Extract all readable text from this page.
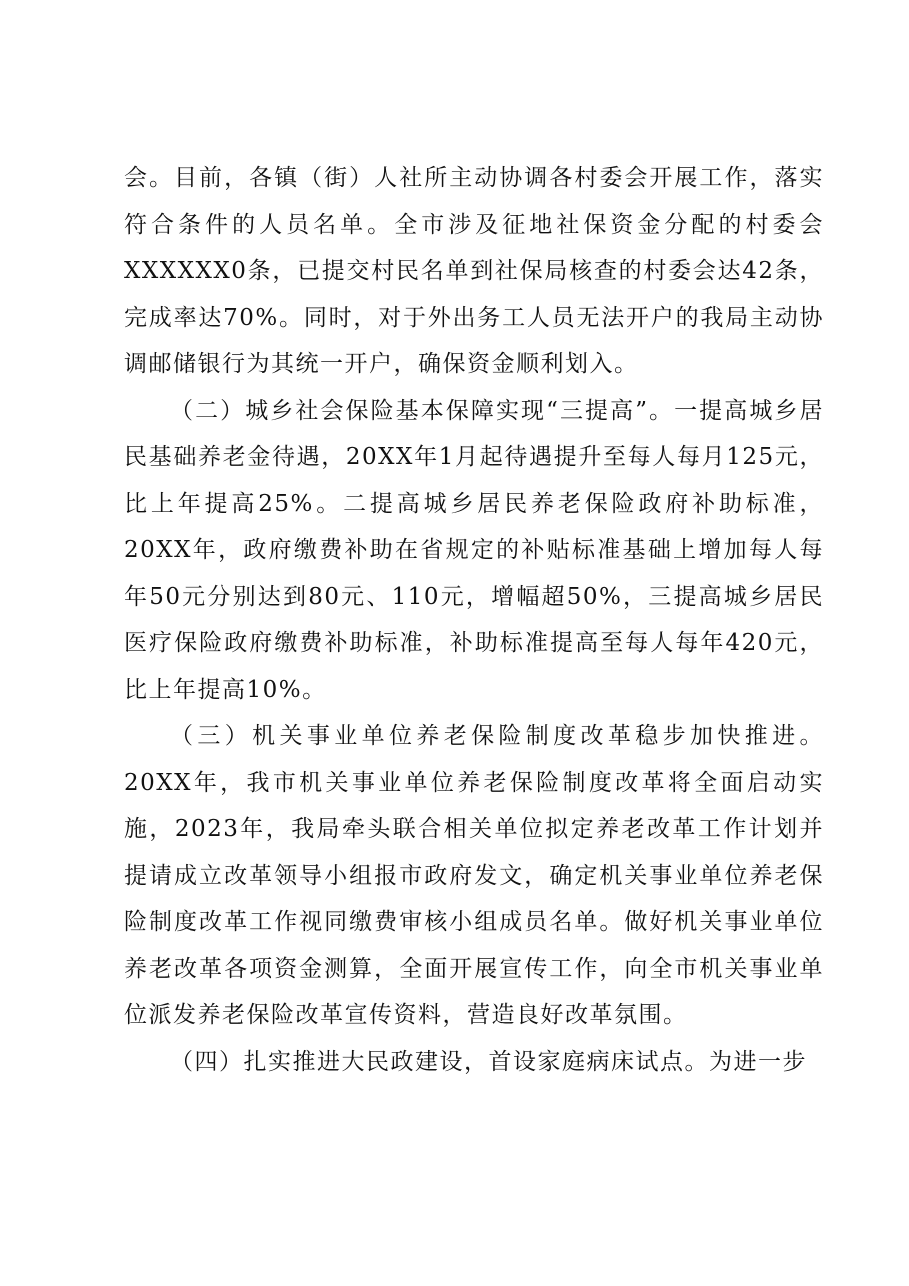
会。目前，各镇（街）人社所主动协调各村委会开展工作，落实符合条件的人员名单。全市涉及征地社保资金分配的村委会XXXXXX0条，已提交村民名单到社保局核查的村委会达42条，完成率达70%。同时，对于外出务工人员无法开户的我局主动协调邮储银行为其统一开户，确保资金顺利划入。

（二）城乡社会保险基本保障实现“三提高”。一提高城乡居民基础养老金待遇，20XX年1月起待遇提升至每人每月125元，比上年提高25%。二提高城乡居民养老保险政府补助标准，20XX年，政府缴费补助在省规定的补贴标准基础上增加每人每年50元分别达到80元、110元，增幅超50%，三提高城乡居民医疗保险政府缴费补助标准，补助标准提高至每人每年420元，比上年提高10%。

（三）机关事业单位养老保险制度改革稳步加快推进。20XX年，我市机关事业单位养老保险制度改革将全面启动实施，2023年，我局牵头联合相关单位拟定养老改革工作计划并提请成立改革领导小组报市政府发文，确定机关事业单位养老保险制度改革工作视同缴费审核小组成员名单。做好机关事业单位养老改革各项资金测算，全面开展宣传工作，向全市机关事业单位派发养老保险改革宣传资料，营造良好改革氛围。

（四）扎实推进大民政建设，首设家庭病床试点。为进一步
